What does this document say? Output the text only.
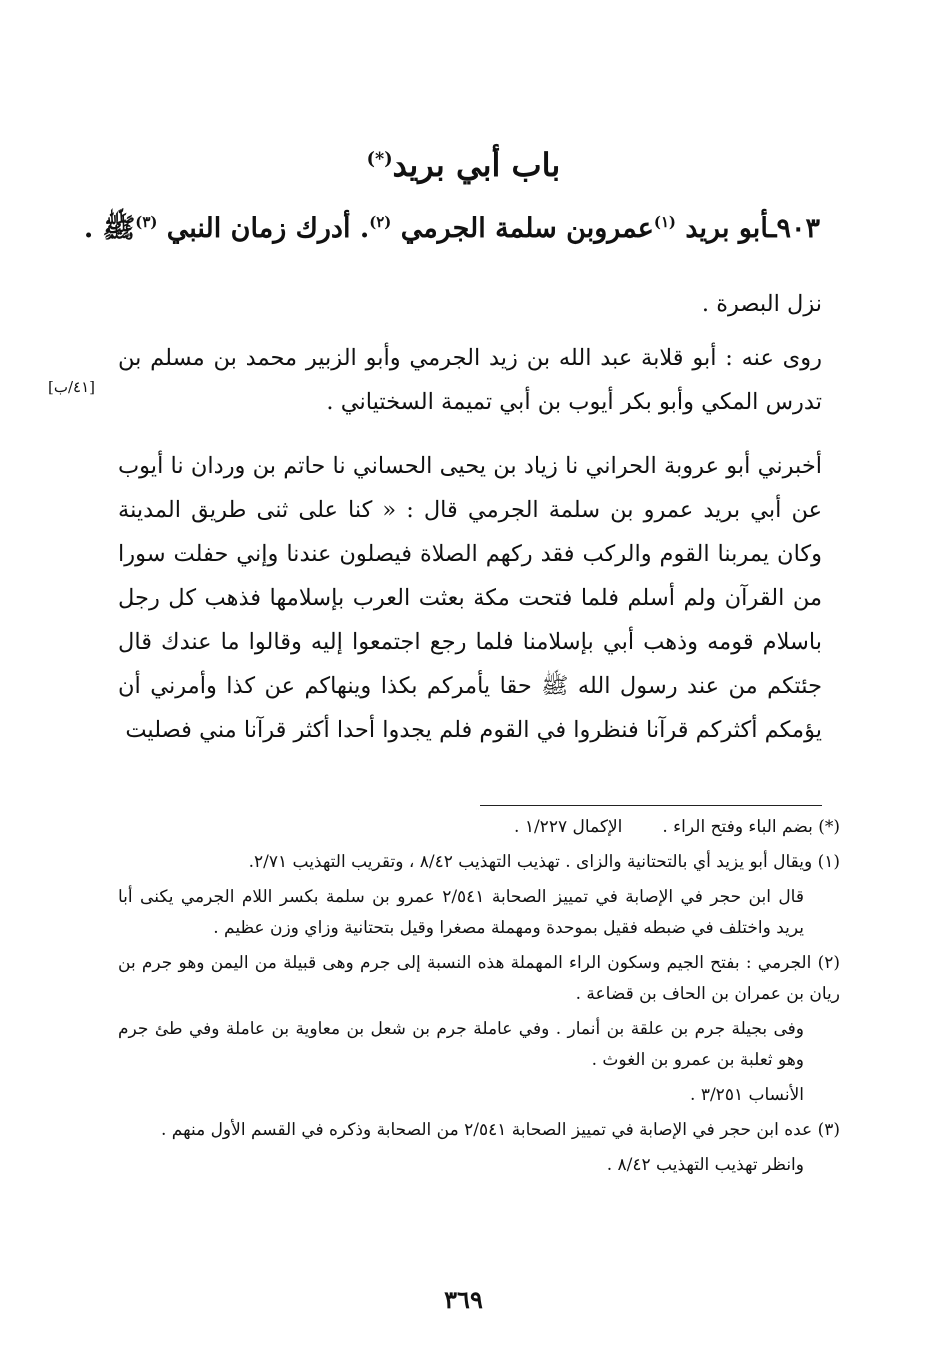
باب أبي بريد(*)
٩٠٣ـأبو بريد $^{(١)}$عمروبن سلمة الجرمي $^{(٢)}$. أدرك زمان النبي $^{(٣)}$ﷺ .
نزل البصرة .
روى عنه : أبو قلابة عبد الله بن زيد الجرمي وأبو الزبير محمد بن مسلم بن تدرس المكي وأبو بكر أيوب بن أبي تميمة السختياني .
[٤١/ب]
أخبرني أبو عروبة الحراني نا زياد بن يحيى الحساني نا حاتم بن وردان نا أيوب عن أبي بريد عمرو بن سلمة الجرمي قال : « كنا على ثنى طريق المدينة وكان يمربنا القوم والركب فقد ركهم الصلاة فيصلون عندنا وإني حفلت سورا من القرآن ولم أسلم فلما فتحت مكة بعثت العرب بإسلامها فذهب كل رجل باسلام قومه وذهب أبي بإسلامنا فلما رجع اجتمعوا إليه وقالوا ما عندك قال جئتكم من عند رسول الله ﷺ حقا يأمركم بكذا وينهاكم عن كذا وأمرني أن يؤمكم أكثركم قرآنا فنظروا في القوم فلم يجدوا أحدا أكثر قرآنا مني فصليت

(*) بضم الباء وفتح الراء .الإكمال ١/٢٢٧ .

(١) ويقال أبو يزيد أي بالتحتانية والزاى . تهذيب التهذيب ٨/٤٢ ، وتقريب التهذيب ٢/٧١.

قال ابن حجر في الإصابة في تمييز الصحابة ٢/٥٤١ عمرو بن سلمة بكسر اللام الجرمي يكنى أبا يريد واختلف في ضبطه فقيل بموحدة ومهملة مصغرا وقيل بتحتانية وزاي وزن عظيم .

(٢) الجرمي : بفتح الجيم وسكون الراء المهملة هذه النسبة إلى جرم وهى قبيلة من اليمن وهو جرم بن ريان بن عمران بن الحاف بن قضاعة .

وفى بجيلة جرم بن علقة بن أنمار . وفي عاملة جرم بن شعل بن معاوية بن عاملة وفي طئ جرم وهو ثعلبة بن عمرو بن الغوث .

الأنساب ٣/٢٥١ .

(٣) عده ابن حجر في الإصابة في تمييز الصحابة ٢/٥٤١ من الصحابة وذكره في القسم الأول منهم .

وانظر تهذيب التهذيب ٨/٤٢ .

٣٦٩
